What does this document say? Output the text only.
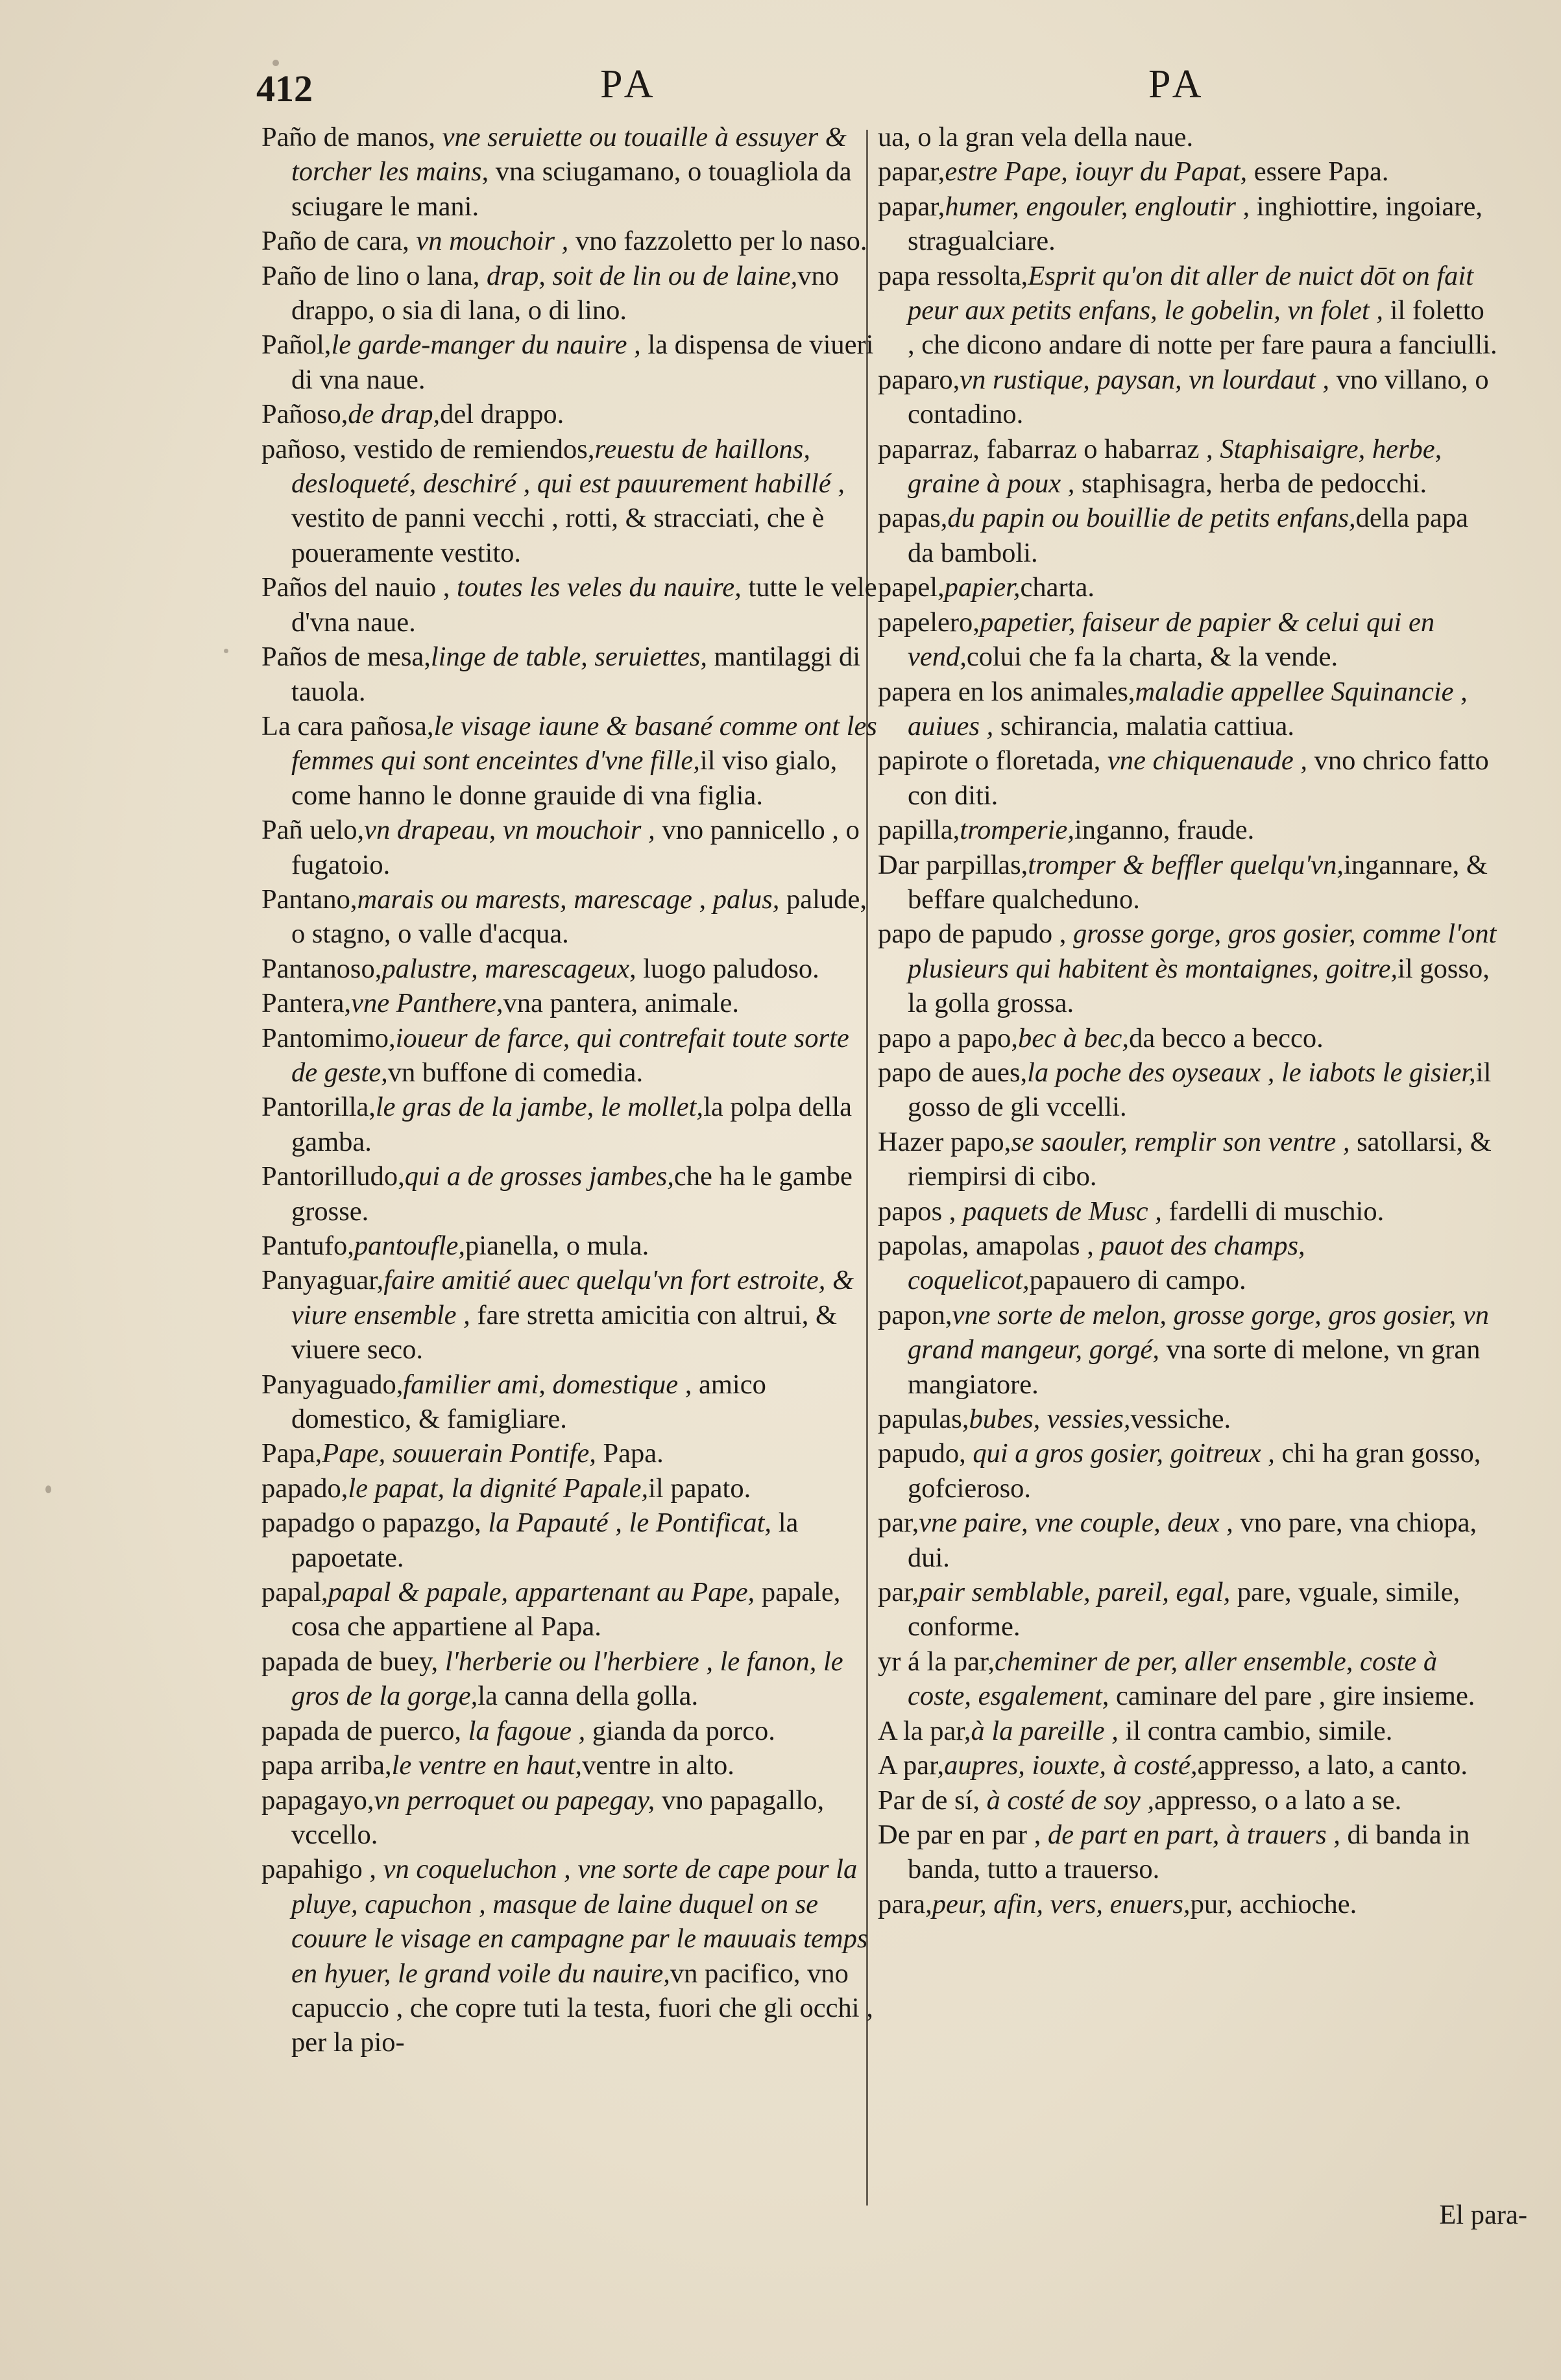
412	PA	PA
Paño de manos, vne seruiette ou touaille à essuyer & torcher les mains, vna sciugamano, o touagliola da sciugare le mani.
Paño de cara, vn mouchoir , vno fazzoletto per lo naso.
Paño de lino o lana, drap, soit de lin ou de laine,vno drappo, o sia di lana, o di lino.
Pañol,le garde-manger du nauire , la dispensa de viueri di vna naue.
Pañoso,de drap,del drappo.
pañoso, vestido de remiendos,reuestu de haillons, desloqueté, deschiré , qui est pauurement habillé , vestito de panni vecchi , rotti, & stracciati, che è poueramente vestito.
Paños del nauio , toutes les veles du nauire, tutte le vele d'vna naue.
Paños de mesa,linge de table, seruiettes, mantilaggi di tauola.
La cara pañosa,le visage iaune & basané comme ont les femmes qui sont enceintes d'vne fille,il viso gialo, come hanno le donne grauide di vna figlia.
Pañ uelo,vn drapeau, vn mouchoir , vno pannicello , o fugatoio.
Pantano,marais ou marests, marescage , palus, palude, o stagno, o valle d'acqua.
Pantanoso,palustre, marescageux, luogo paludoso.
Pantera,vne Panthere,vna pantera, animale.
Pantomimo,ioueur de farce, qui contrefait toute sorte de geste,vn buffone di comedia.
Pantorilla,le gras de la jambe, le mollet,la polpa della gamba.
Pantorilludo,qui a de grosses jambes,che ha le gambe grosse.
Pantufo,pantoufle,pianella, o mula.
Panyaguar,faire amitié auec quelqu'vn fort estroite, & viure ensemble , fare stretta amicitia con altrui, & viuere seco.
Panyaguado,familier ami, domestique , amico domestico, & famigliare.
Papa,Pape, souuerain Pontife, Papa.
papado,le papat, la dignité Papale,il papato.
papadgo o papazgo, la Papauté , le Pontificat, la papoetate.
papal,papal & papale, appartenant au Pape, papale, cosa che appartiene al Papa.
papada de buey, l'herberie ou l'herbiere , le fanon, le gros de la gorge,la canna della golla.
papada de puerco, la fagoue , gianda da porco.
papa arriba,le ventre en haut,ventre in alto.
papagayo,vn perroquet ou papegay, vno papagallo, vccello.
papahigo , vn coqueluchon , vne sorte de cape pour la pluye, capuchon , masque de laine duquel on se couure le visage en campagne par le mauuais temps en hyuer, le grand voile du nauire,vn pacifico, vno capuccio , che copre tuti la testa, fuori che gli occhi , per la pio-
ua, o la gran vela della naue.
papar,estre Pape, iouyr du Papat, essere Papa.
papar,humer, engouler, engloutir , inghiottire, ingoiare, stragualciare.
papa ressolta,Esprit qu'on dit aller de nuict dōt on fait peur aux petits enfans, le gobelin, vn folet , il foletto , che dicono andare di notte per fare paura a fanciulli.
paparo,vn rustique, paysan, vn lourdaut , vno villano, o contadino.
paparraz, fabarraz o habarraz , Staphisaigre, herbe, graine à poux , staphisagra, herba de pedocchi.
papas,du papin ou bouillie de petits enfans,della papa da bamboli.
papel,papier,charta.
papelero,papetier, faiseur de papier & celui qui en vend,colui che fa la charta, & la vende.
papera en los animales,maladie appellee Squinancie , auiues , schirancia, malatia cattiua.
papirote o floretada, vne chiquenaude , vno chrico fatto con diti.
papilla,tromperie,inganno, fraude.
Dar parpillas,tromper & beffler quelqu'vn,ingannare, & beffare qualcheduno.
papo de papudo , grosse gorge, gros gosier, comme l'ont plusieurs qui habitent ès montaignes, goitre,il gosso, la golla grossa.
papo a papo,bec à bec,da becco a becco.
papo de aues,la poche des oyseaux , le iabots le gisier,il gosso de gli vccelli.
Hazer papo,se saouler, remplir son ventre , satollarsi, & riempirsi di cibo.
papos , paquets de Musc , fardelli di muschio.
papolas, amapolas , pauot des champs, coquelicot,papauero di campo.
papon,vne sorte de melon, grosse gorge, gros gosier, vn grand mangeur, gorgé, vna sorte di melone, vn gran mangiatore.
papulas,bubes, vessies,vessiche.
papudo, qui a gros gosier, goitreux , chi ha gran gosso, gofcieroso.
par,vne paire, vne couple, deux , vno pare, vna chiopa, dui.
par,pair semblable, pareil, egal, pare, vguale, simile, conforme.
yr á la par,cheminer de per, aller ensemble, coste à coste, esgalement, caminare del pare , gire insieme.
A la par,à la pareille , il contra cambio, simile.
A par,aupres, iouxte, à costé,appresso, a lato, a canto.
Par de sí, à costé de soy ,appresso, o a lato a se.
De par en par , de part en part, à trauers , di banda in banda, tutto a trauerso.
para,peur, afin, vers, enuers,pur, acchioche.
El para-
